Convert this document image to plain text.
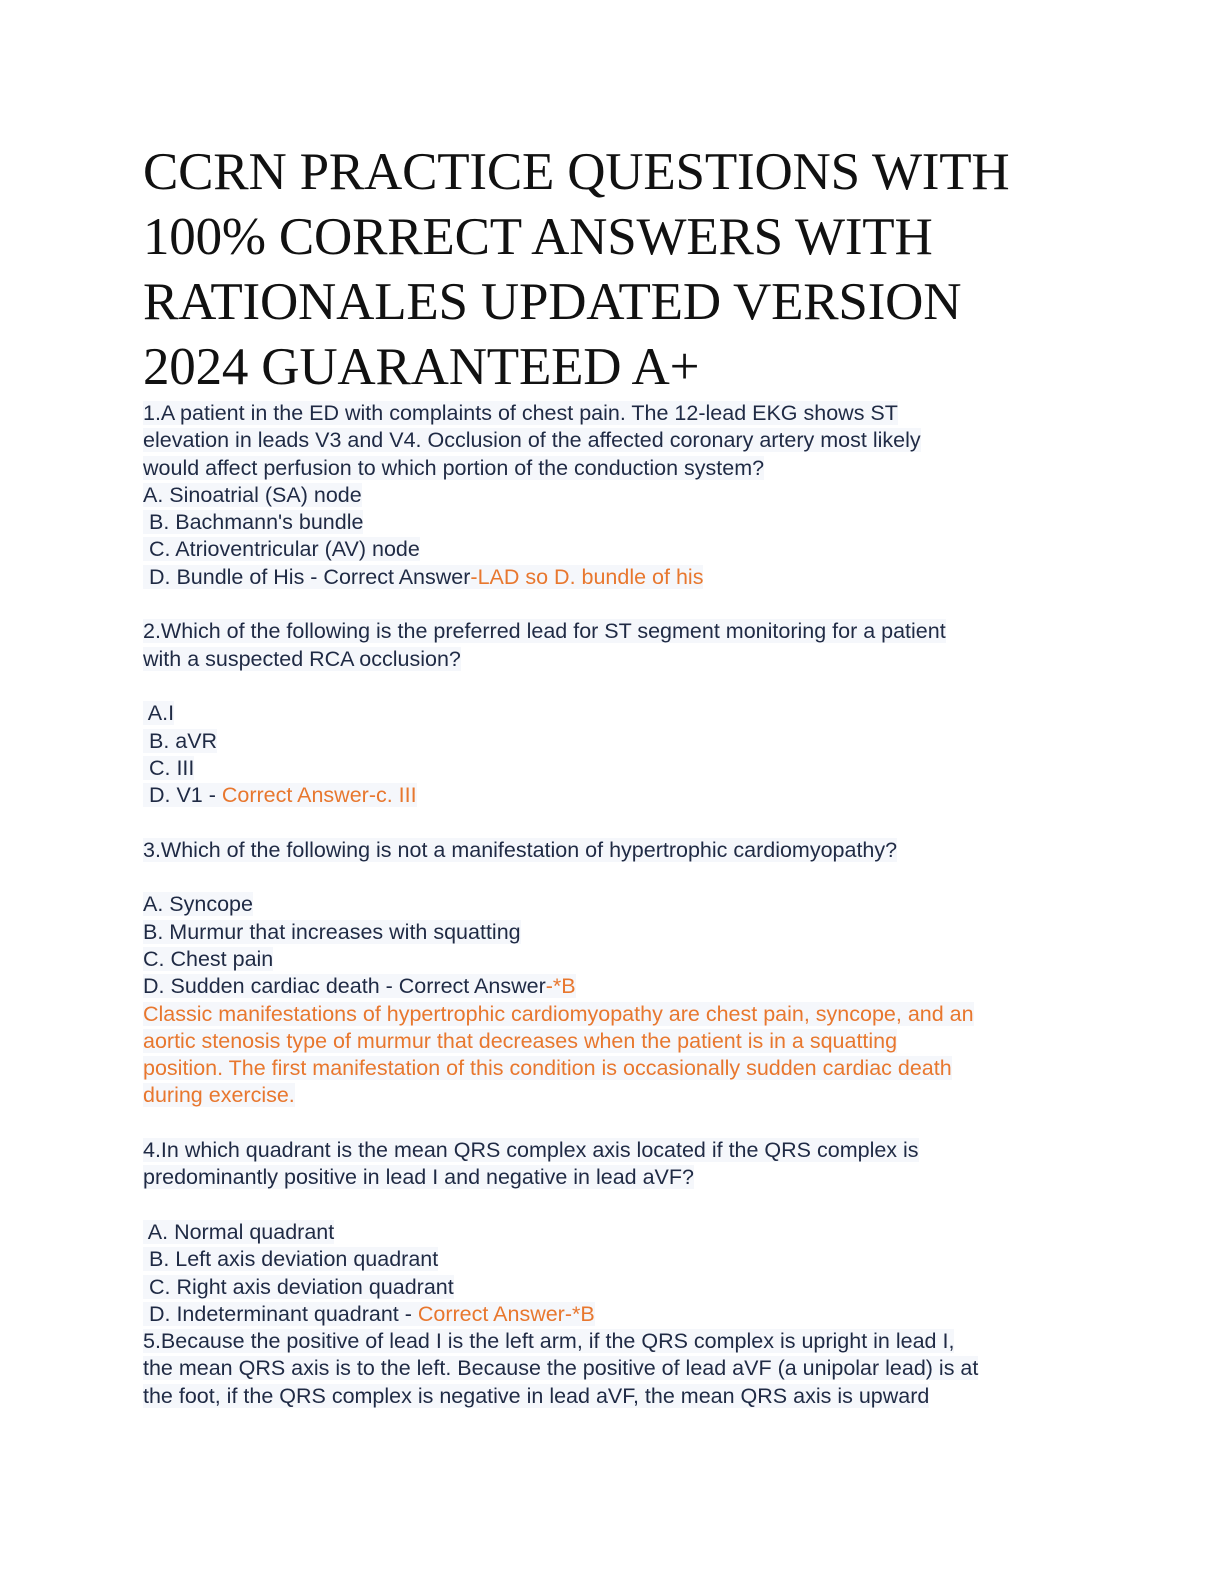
CCRN PRACTICE QUESTIONS WITH
100% CORRECT ANSWERS WITH
RATIONALES UPDATED VERSION
2024 GUARANTEED A+
1.A patient in the ED with complaints of chest pain. The 12-lead EKG shows ST
elevation in leads V3 and V4. Occlusion of the affected coronary artery most likely
would affect perfusion to which portion of the conduction system?
A. Sinoatrial (SA) node
B. Bachmann's bundle
C. Atrioventricular (AV) node
D. Bundle of His - Correct Answer-LAD so D. bundle of his
2.Which of the following is the preferred lead for ST segment monitoring for a patient
with a suspected RCA occlusion?
A.I
B. aVR
C. III
D. V1 - Correct Answer-c. III
3.Which of the following is not a manifestation of hypertrophic cardiomyopathy?
A. Syncope
B. Murmur that increases with squatting
C. Chest pain
D. Sudden cardiac death - Correct Answer-*B
Classic manifestations of hypertrophic cardiomyopathy are chest pain, syncope, and an
aortic stenosis type of murmur that decreases when the patient is in a squatting
position. The first manifestation of this condition is occasionally sudden cardiac death
during exercise.
4.In which quadrant is the mean QRS complex axis located if the QRS complex is
predominantly positive in lead I and negative in lead aVF?
A. Normal quadrant
B. Left axis deviation quadrant
C. Right axis deviation quadrant
D. Indeterminant quadrant - Correct Answer-*B
5.Because the positive of lead I is the left arm, if the QRS complex is upright in lead I,
the mean QRS axis is to the left. Because the positive of lead aVF (a unipolar lead) is at
the foot, if the QRS complex is negative in lead aVF, the mean QRS axis is upward
